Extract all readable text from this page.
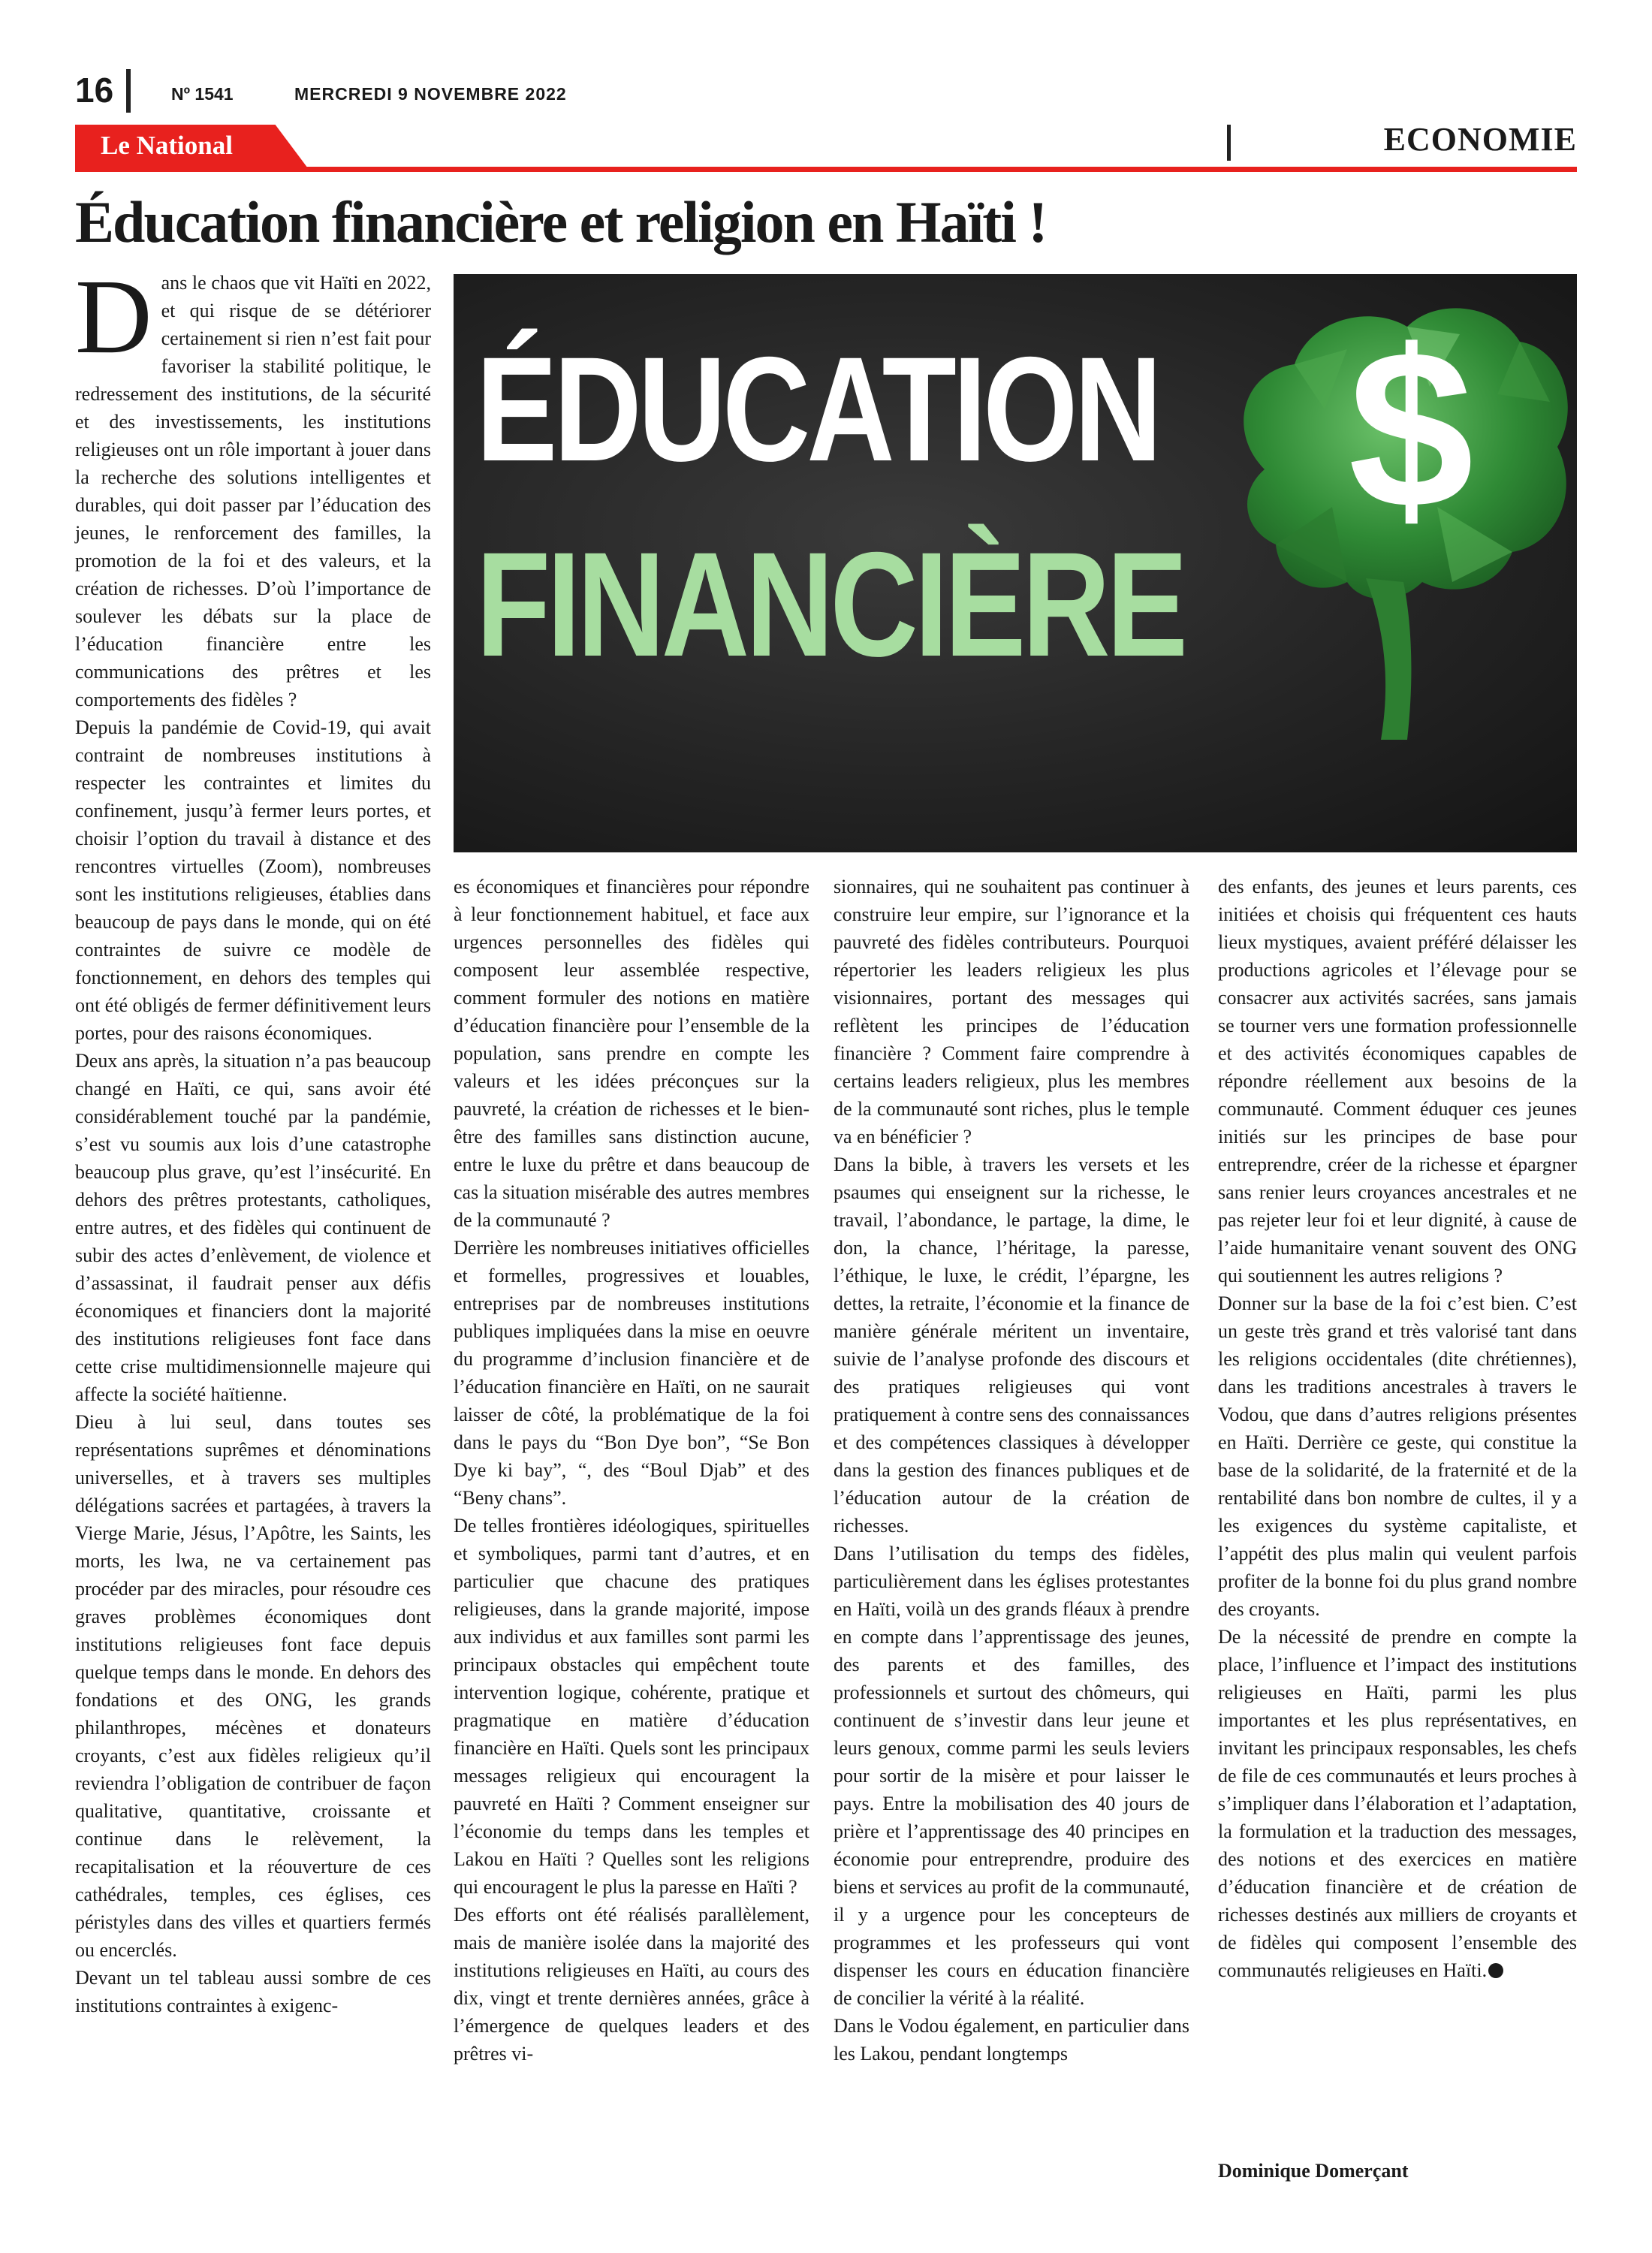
16	Nº 1541	MERCREDI 9 NOVEMBRE 2022
Le National	ECONOMIE
Éducation financière et religion en Haïti !
ÉDUCATION
FINANCIÈRE
$

Dans le chaos que vit Haïti en 2022, et qui risque de se détériorer certainement si rien n’est fait pour favoriser la stabilité politique, le redressement des institutions, de la sécurité et des investissements, les institutions religieuses ont un rôle important à jouer dans la recherche des solutions intelligentes et durables, qui doit passer par l’éducation des jeunes, le renforcement des familles, la promotion de la foi et des valeurs, et la création de richesses. D’où l’importance de soulever les débats sur la place de l’éducation financière entre les communications des prêtres et les comportements des fidèles ?

Depuis la pandémie de Covid-19, qui avait contraint de nombreuses institutions à respecter les contraintes et limites du confinement, jusqu’à fermer leurs portes, et choisir l’option du travail à distance et des rencontres virtuelles (Zoom), nombreuses sont les institutions religieuses, établies dans beaucoup de pays dans le monde, qui on été contraintes de suivre ce modèle de fonctionnement, en dehors des temples qui ont été obligés de fermer définitivement leurs portes, pour des raisons économiques.

Deux ans après, la situation n’a pas beaucoup changé en Haïti, ce qui, sans avoir été considérablement touché par la pandémie, s’est vu soumis aux lois d’une catastrophe beaucoup plus grave, qu’est l’insécurité. En dehors des prêtres protestants, catholiques, entre autres, et des fidèles qui continuent de subir des actes d’enlèvement, de violence et d’assassinat, il faudrait penser aux défis économiques et financiers dont la majorité des institutions religieuses font face dans cette crise multidimensionnelle majeure qui affecte la société haïtienne.

Dieu à lui seul, dans toutes ses représentations suprêmes et dénominations universelles, et à travers ses multiples délégations sacrées et partagées, à travers la Vierge Marie, Jésus, l’Apôtre, les Saints, les morts, les lwa, ne va certainement pas procéder par des miracles, pour résoudre ces graves problèmes économiques dont institutions religieuses font face depuis quelque temps dans le monde. En dehors des fondations et des ONG, les grands philanthropes, mécènes et donateurs croyants, c’est aux fidèles religieux qu’il reviendra l’obligation de contribuer de façon qualitative, quantitative, croissante et continue dans le relèvement, la recapitalisation et la réouverture de ces cathédrales, temples, ces églises, ces péristyles dans des villes et quartiers fermés ou encerclés.

Devant un tel tableau aussi sombre de ces institutions contraintes à exigenc-

es économiques et financières pour répondre à leur fonctionnement habituel, et face aux urgences personnelles des fidèles qui composent leur assemblée respective, comment formuler des notions en matière d’éducation financière pour l’ensemble de la population, sans prendre en compte les valeurs et les idées préconçues sur la pauvreté, la création de richesses et le bien-être des familles sans distinction aucune, entre le luxe du prêtre et dans beaucoup de cas la situation misérable des autres membres de la communauté ?

Derrière les nombreuses initiatives officielles et formelles, progressives et louables, entreprises par de nombreuses institutions publiques impliquées dans la mise en oeuvre du programme d’inclusion financière et de l’éducation financière en Haïti, on ne saurait laisser de côté, la problématique de la foi dans le pays du “Bon Dye bon”, “Se Bon Dye ki bay”, “, des “Boul Djab” et des “Beny chans”.

De telles frontières idéologiques, spirituelles et symboliques, parmi tant d’autres, et en particulier que chacune des pratiques religieuses, dans la grande majorité, impose aux individus et aux familles sont parmi les principaux obstacles qui empêchent toute intervention logique, cohérente, pratique et pragmatique en matière d’éducation financière en Haïti. Quels sont les principaux messages religieux qui encouragent la pauvreté en Haïti ? Comment enseigner sur l’économie du temps dans les temples et Lakou en Haïti ? Quelles sont les religions qui encouragent le plus la paresse en Haïti ?

Des efforts ont été réalisés parallèlement, mais de manière isolée dans la majorité des institutions religieuses en Haïti, au cours des dix, vingt et trente dernières années, grâce à l’émergence de quelques leaders et des prêtres vi-

sionnaires, qui ne souhaitent pas continuer à construire leur empire, sur l’ignorance et la pauvreté des fidèles contributeurs. Pourquoi répertorier les leaders religieux les plus visionnaires, portant des messages qui reflètent les principes de l’éducation financière ? Comment faire comprendre à certains leaders religieux, plus les membres de la communauté sont riches, plus le temple va en bénéficier ?

Dans la bible, à travers les versets et les psaumes qui enseignent sur la richesse, le travail, l’abondance, le partage, la dime, le don, la chance, l’héritage, la paresse, l’éthique, le luxe, le crédit, l’épargne, les dettes, la retraite, l’économie et la finance de manière générale méritent un inventaire, suivie de l’analyse profonde des discours et des pratiques religieuses qui vont pratiquement à contre sens des connaissances et des compétences classiques à développer dans la gestion des finances publiques et de l’éducation autour de la création de richesses.

Dans l’utilisation du temps des fidèles, particulièrement dans les églises protestantes en Haïti, voilà un des grands fléaux à prendre en compte dans l’apprentissage des jeunes, des parents et des familles, des professionnels et surtout des chômeurs, qui continuent de s’investir dans leur jeune et leurs genoux, comme parmi les seuls leviers pour sortir de la misère et pour laisser le pays. Entre la mobilisation des 40 jours de prière et l’apprentissage des 40 principes en économie pour entreprendre, produire des biens et services au profit de la communauté, il y a urgence pour les concepteurs de programmes et les professeurs qui vont dispenser les cours en éducation financière de concilier la vérité à la réalité.

Dans le Vodou également, en particulier dans les Lakou, pendant longtemps

des enfants, des jeunes et leurs parents, ces initiées et choisis qui fréquentent ces hauts lieux mystiques, avaient préféré délaisser les productions agricoles et l’élevage pour se consacrer aux activités sacrées, sans jamais se tourner vers une formation professionnelle et des activités économiques capables de répondre réellement aux besoins de la communauté. Comment éduquer ces jeunes initiés sur les principes de base pour entreprendre, créer de la richesse et épargner sans renier leurs croyances ancestrales et ne pas rejeter leur foi et leur dignité, à cause de l’aide humanitaire venant souvent des ONG qui soutiennent les autres religions ?

Donner sur la base de la foi c’est bien. C’est un geste très grand et très valorisé tant dans les religions occidentales (dite chrétiennes), dans les traditions ancestrales à travers le Vodou, que dans d’autres religions présentes en Haïti. Derrière ce geste, qui constitue la base de la solidarité, de la fraternité et de la rentabilité dans bon nombre de cultes, il y a les exigences du système capitaliste, et l’appétit des plus malin qui veulent parfois profiter de la bonne foi du plus grand nombre des croyants.

De la nécessité de prendre en compte la place, l’influence et l’impact des institutions religieuses en Haïti, parmi les plus importantes et les plus représentatives, en invitant les principaux responsables, les chefs de file de ces communautés et leurs proches à s’impliquer dans l’élaboration et l’adaptation, la formulation et la traduction des messages, des notions et des exercices en matière d’éducation financière et de création de richesses destinés aux milliers de croyants et de fidèles qui composent l’ensemble des communautés religieuses en Haïti.

Dominique Domerçant
